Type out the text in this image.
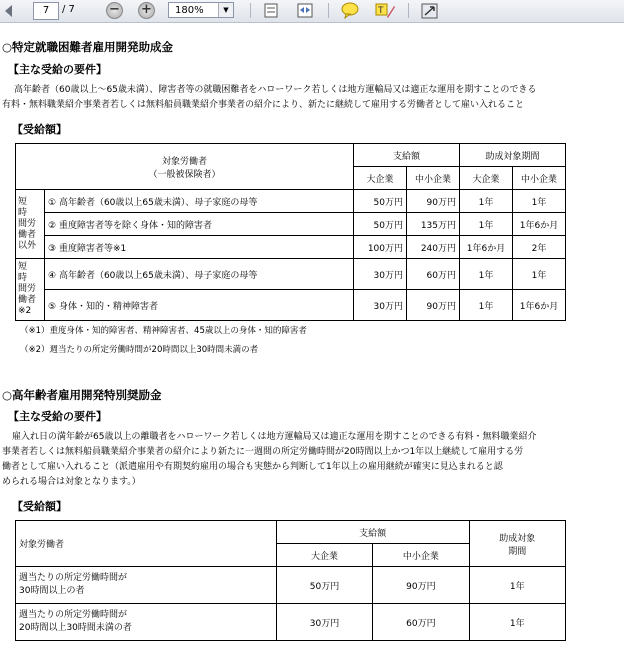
7	/ 7	− +	180%	▼	T
○特定就職困難者雇用開発助成金
【主な受給の要件】
高年齢者（60歳以上～65歳未満）、障害者等の就職困難者をハローワーク若しくは地方運輸局又は適正な運用を期すことのできる
有料・無料職業紹介事業者若しくは無料船員職業紹介事業者の紹介により、新たに継続して雇用する労働者として雇い入れること
【受給額】
対象労働者
（一般被保険者）		支給額		助成対象期間	
		大企業	中小企業	大企業	中小企業

短
時
間労
働者
以外	① 高年齢者（60歳以上65歳未満）、母子家庭の母等	50万円	90万円	1年	1年
	② 重度障害者等を除く身体・知的障害者	50万円	135万円	1年	1年6か月
	③ 重度障害者等※1	100万円	240万円	1年6か月	2年

短
時
間労
働者
※2	④ 高年齢者（60歳以上65歳未満）、母子家庭の母等	30万円	60万円	1年	1年
	⑤ 身体・知的・精神障害者	30万円	90万円	1年	1年6か月
（※1）重度身体・知的障害者、精神障害者、45歳以上の身体・知的障害者
（※2）週当たりの所定労働時間が20時間以上30時間未満の者
○高年齢者雇用開発特別奨励金
【主な受給の要件】
雇入れ日の満年齢が65歳以上の離職者をハローワーク若しくは地方運輸局又は適正な運用を期すことのできる有料・無料職業紹介
事業者若しくは無料船員職業紹介事業者の紹介により新たに一週間の所定労働時間が20時間以上かつ1年以上継続して雇用する労
働者として雇い入れること（派遣雇用や有期契約雇用の場合も実態から判断して1年以上の雇用継続が確実に見込まれると認
められる場合は対象となります。）
【受給額】
対象労働者	支給額		助成対象
期間

	大企業	中小企業	

週当たりの所定労働時間が
30時間以上の者	50万円	90万円	1年

週当たりの所定労働時間が
20時間以上30時間未満の者	30万円	60万円	1年
